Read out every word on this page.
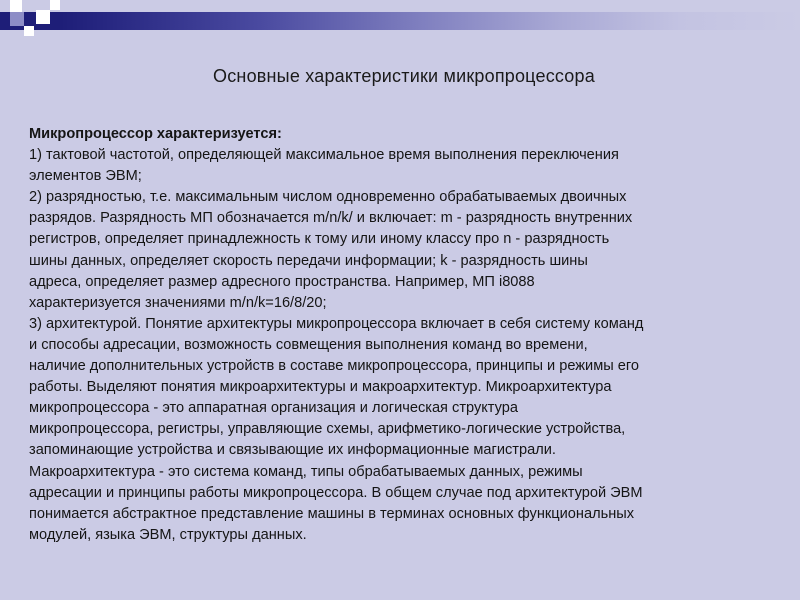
Основные характеристики микропроцессора
Микропроцессор характеризуется:
1) тактовой частотой, определяющей максимальное время выполнения переключения
элементов ЭВМ;
2) разрядностью, т.е. максимальным числом одновременно обрабатываемых двоичных
разрядов. Разрядность МП обозначается m/n/k/ и включает: m - разрядность внутренних
регистров, определяет принадлежность к тому или иному классу про n - разрядность
шины данных, определяет скорость передачи информации; k - разрядность шины
адреса, определяет размер адресного пространства. Например, МП i8088
характеризуется значениями m/n/k=16/8/20;
3) архитектурой. Понятие архитектуры микропроцессора включает в себя систему команд
и способы адресации, возможность совмещения выполнения команд во времени,
наличие дополнительных устройств в составе микропроцессора, принципы и режимы его
работы. Выделяют понятия микроархитектуры и макроархитектур. Микроархитектура
микропроцессора - это аппаратная организация и логическая структура
микропроцессора, регистры, управляющие схемы, арифметико-логические устройства,
запоминающие устройства и связывающие их информационные магистрали.
Макроархитектура - это система команд, типы обрабатываемых данных, режимы
адресации и принципы работы микропроцессора. В общем случае под архитектурой ЭВМ
понимается абстрактное представление машины в терминах основных функциональных
модулей, языка ЭВМ, структуры данных.
